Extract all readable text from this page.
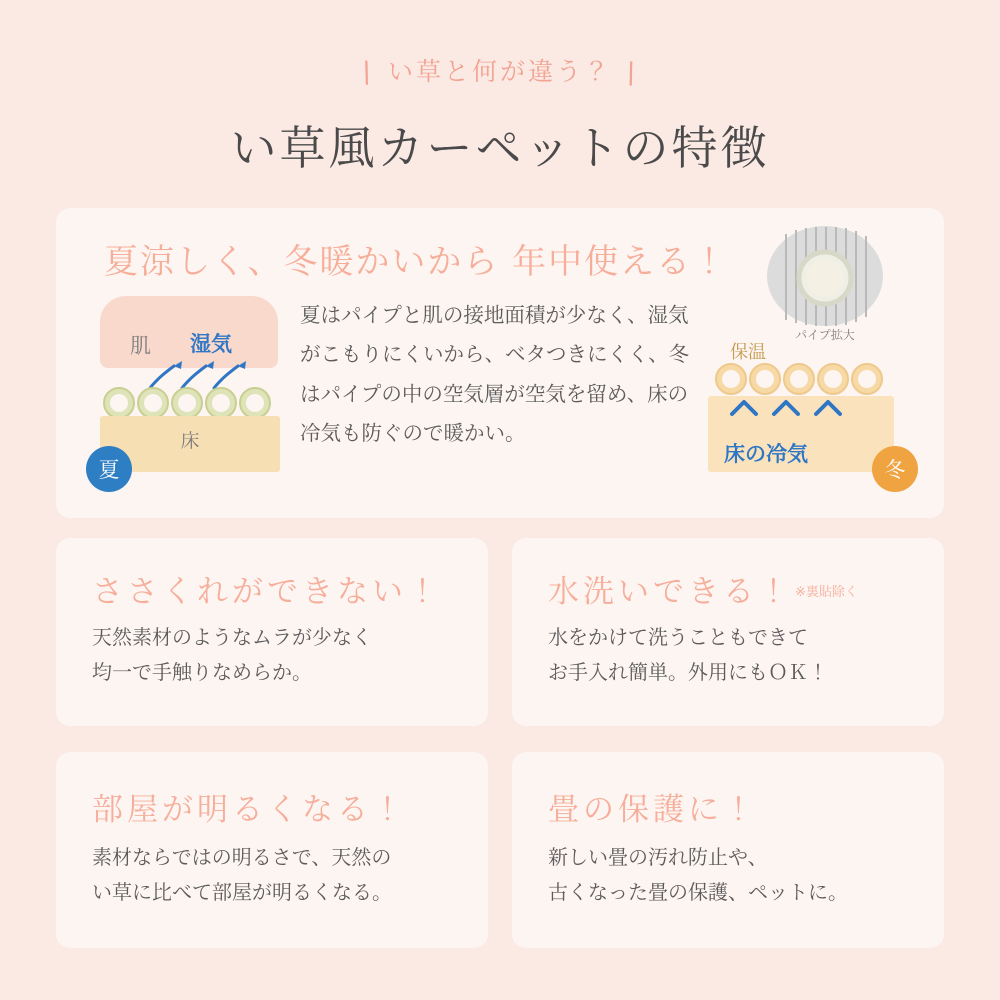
\ い草と何が違う？ /
い草風カーペットの特徴
夏涼しく、冬暖かいから 年中使える！
夏はパイプと肌の接地面積が少なく、湿気がこもりにくいから、ベタつきにくく、冬はパイプの中の空気層が空気を留め、床の冷気も防ぐので暖かい。
肌 湿気
床
夏
パイプ拡大
保温
床の冷気
冬
ささくれができない！
天然素材のようなムラが少なく
均一で手触りなめらか。
水洗いできる！ $^{※裏貼除く}$
水をかけて洗うこともできて
お手入れ簡単。外用にもＯＫ！
部屋が明るくなる！
素材ならではの明るさで、天然の
い草に比べて部屋が明るくなる。
畳の保護に！
新しい畳の汚れ防止や、
古くなった畳の保護、ペットに。
